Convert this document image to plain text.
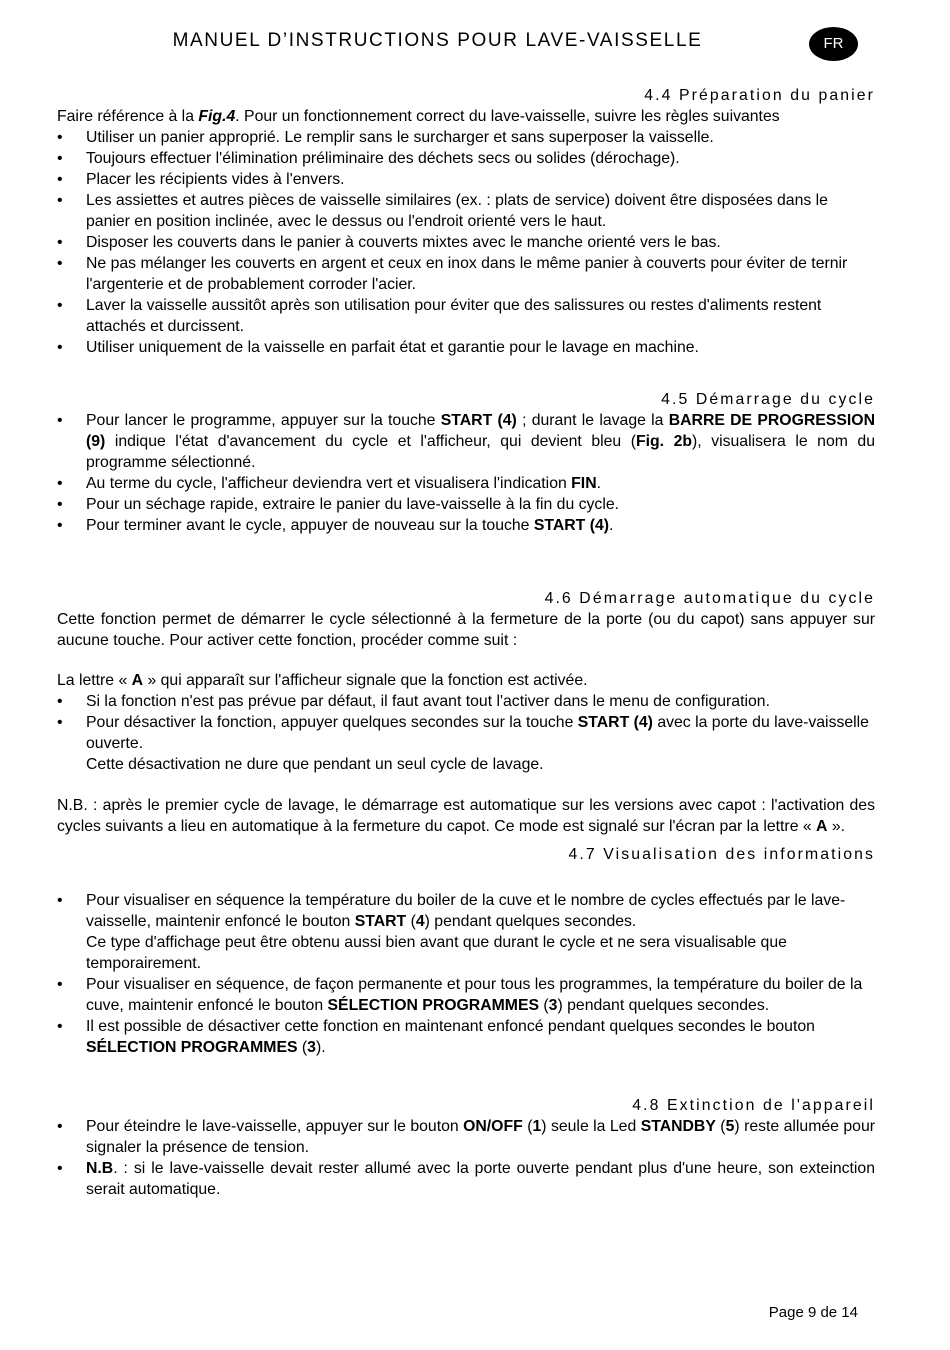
MANUEL D’INSTRUCTIONS POUR LAVE-VAISSELLE	FR
4.4 Préparation du panier

Faire référence à la Fig.4. Pour un fonctionnement correct du lave-vaisselle, suivre les règles suivantes

• Utiliser un panier approprié. Le remplir sans le surcharger et sans superposer la vaisselle.
• Toujours effectuer l'élimination préliminaire des déchets secs ou solides (dérochage).
• Placer les récipients vides à l'envers.
• Les assiettes et autres pièces de vaisselle similaires (ex. : plats de service) doivent être disposées dans le panier en position inclinée, avec le dessus ou l'endroit orienté vers le haut.
• Disposer les couverts dans le panier à couverts mixtes avec le manche orienté vers le bas.
• Ne pas mélanger les couverts en argent et ceux en inox dans le même panier à couverts pour éviter de ternir l'argenterie et de probablement corroder l'acier.
• Laver la vaisselle aussitôt après son utilisation pour éviter que des salissures ou restes d'aliments restent attachés et durcissent.
• Utiliser uniquement de la vaisselle en parfait état et garantie pour le lavage en machine.
4.5 Démarrage du cycle
• Pour lancer le programme, appuyer sur la touche START (4) ; durant le lavage la BARRE DE PROGRESSION (9) indique l'état d'avancement du cycle et l'afficheur, qui devient bleu (Fig. 2b), visualisera le nom du programme sélectionné.
• Au terme du cycle, l'afficheur deviendra vert et visualisera l'indication FIN.
• Pour un séchage rapide, extraire le panier du lave-vaisselle à la fin du cycle.
• Pour terminer avant le cycle, appuyer de nouveau sur la touche START (4).
4.6 Démarrage automatique du cycle

Cette fonction permet de démarrer le cycle sélectionné à la fermeture de la porte (ou du capot) sans appuyer sur aucune touche. Pour activer cette fonction, procéder comme suit :

La lettre « A » qui apparaît sur l'afficheur signale que la fonction est activée.

• Si la fonction n'est pas prévue par défaut, il faut avant tout l'activer dans le menu de configuration.
• Pour désactiver la fonction, appuyer quelques secondes sur la touche START (4) avec la porte du lave-vaisselle ouverte.

Cette désactivation ne dure que pendant un seul cycle de lavage.

N.B. : après le premier cycle de lavage, le démarrage est automatique sur les versions avec capot : l'activation des cycles suivants a lieu en automatique à la fermeture du capot. Ce mode est signalé sur l'écran par la lettre « A ».

4.7 Visualisation des informations
• Pour visualiser en séquence la température du boiler de la cuve et le nombre de cycles effectués par le lave-vaisselle, maintenir enfoncé le bouton START (4) pendant quelques secondes.

Ce type d'affichage peut être obtenu aussi bien avant que durant le cycle et ne sera visualisable que temporairement.

• Pour visualiser en séquence, de façon permanente et pour tous les programmes, la température du boiler de la cuve, maintenir enfoncé le bouton SÉLECTION PROGRAMMES (3) pendant quelques secondes.
• Il est possible de désactiver cette fonction en maintenant enfoncé pendant quelques secondes le bouton SÉLECTION PROGRAMMES (3).
4.8 Extinction de l'appareil
• Pour éteindre le lave-vaisselle, appuyer sur le bouton ON/OFF (1) seule la Led STANDBY (5) reste allumée pour signaler la présence de tension.
• N.B. : si le lave-vaisselle devait rester allumé avec la porte ouverte pendant plus d'une heure, son exteinction serait automatique.
Page 9 de 14
